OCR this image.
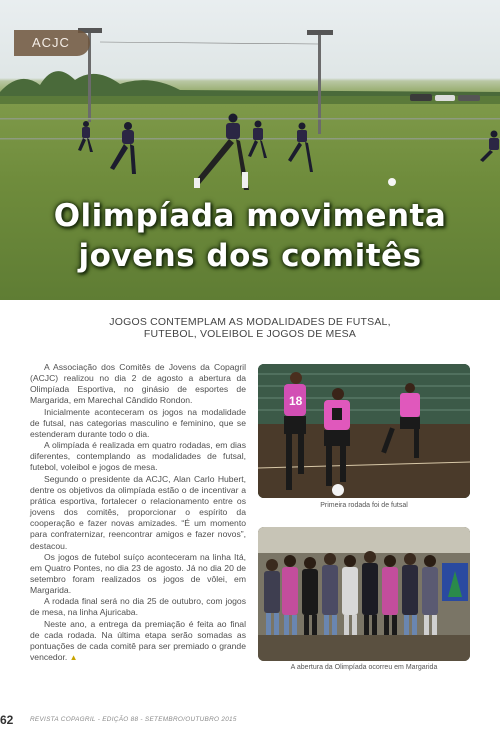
ACJC
Olimpíada movimenta
jovens dos comitês
JOGOS CONTEMPLAM AS MODALIDADES DE FUTSAL,
FUTEBOL, VOLEIBOL E JOGOS DE MESA

A Associação dos Comitês de Jovens da Copagril (ACJC) realizou no dia 2 de agosto a abertura da Olimpíada Esportiva, no ginásio de esportes de Margarida, em Marechal Cândido Rondon.

Inicialmente aconteceram os jogos na modalidade de futsal, nas categorias masculino e feminino, que se estenderam durante todo o dia.

A olimpíada é realizada em quatro rodadas, em dias diferentes, contemplando as modalidades de futsal, futebol, voleibol e jogos de mesa.

Segundo o presidente da ACJC, Alan Carlo Hubert, dentre os objetivos da olimpíada estão o de incentivar a prática esportiva, fortalecer o relacionamento entre os jovens dos comitês, proporcionar o espírito da cooperação e fazer novas amizades. “É um momento para confraternizar, reencontrar amigos e fazer novos”, destacou.

Os jogos de futebol suíço aconteceram na linha Itá, em Quatro Pontes, no dia 23 de agosto. Já no dia 20 de setembro foram realizados os jogos de vôlei, em Margarida.

A rodada final será no dia 25 de outubro, com jogos de mesa, na linha Ajuricaba.

Neste ano, a entrega da premiação é feita ao final de cada rodada. Na última etapa serão somadas as pontuações de cada comitê para ser premiado o grande vencedor. ▲

18
Primeira rodada foi de futsal
A abertura da Olimpíada ocorreu em Margarida
62	REVISTA COPAGRIL - EDIÇÃO 88 - SETEMBRO/OUTUBRO 2015
